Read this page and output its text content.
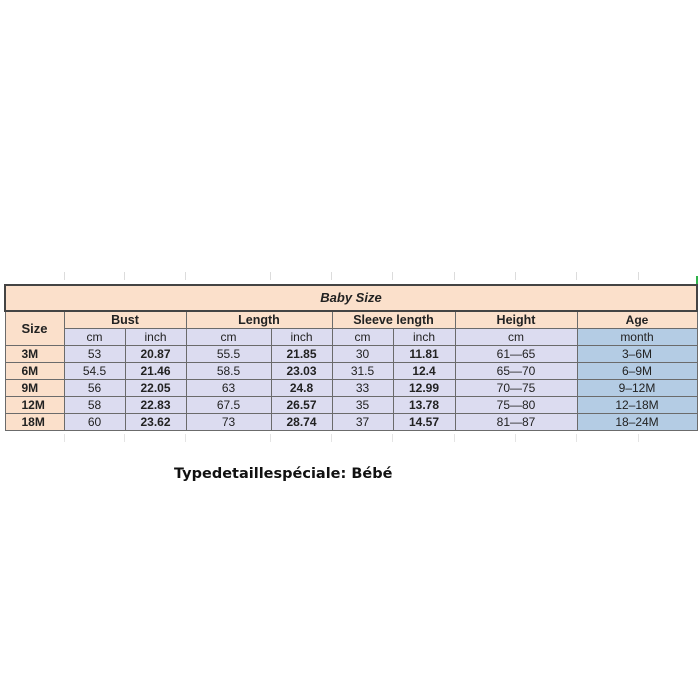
Baby Size								
Size	Bust		Length		Sleeve length		Height	Age
	cm	inch	cm	inch	cm	inch	cm	month
3M	53	20.87	55.5	21.85	30	11.81	61—65	3–6M
6M	54.5	21.46	58.5	23.03	31.5	12.4	65—70	6–9M
9M	56	22.05	63	24.8	33	12.99	70—75	9–12M
12M	58	22.83	67.5	26.57	35	13.78	75—80	12–18M
18M	60	23.62	73	28.74	37	14.57	81—87	18–24M
Typedetaillespéciale: Bébé
